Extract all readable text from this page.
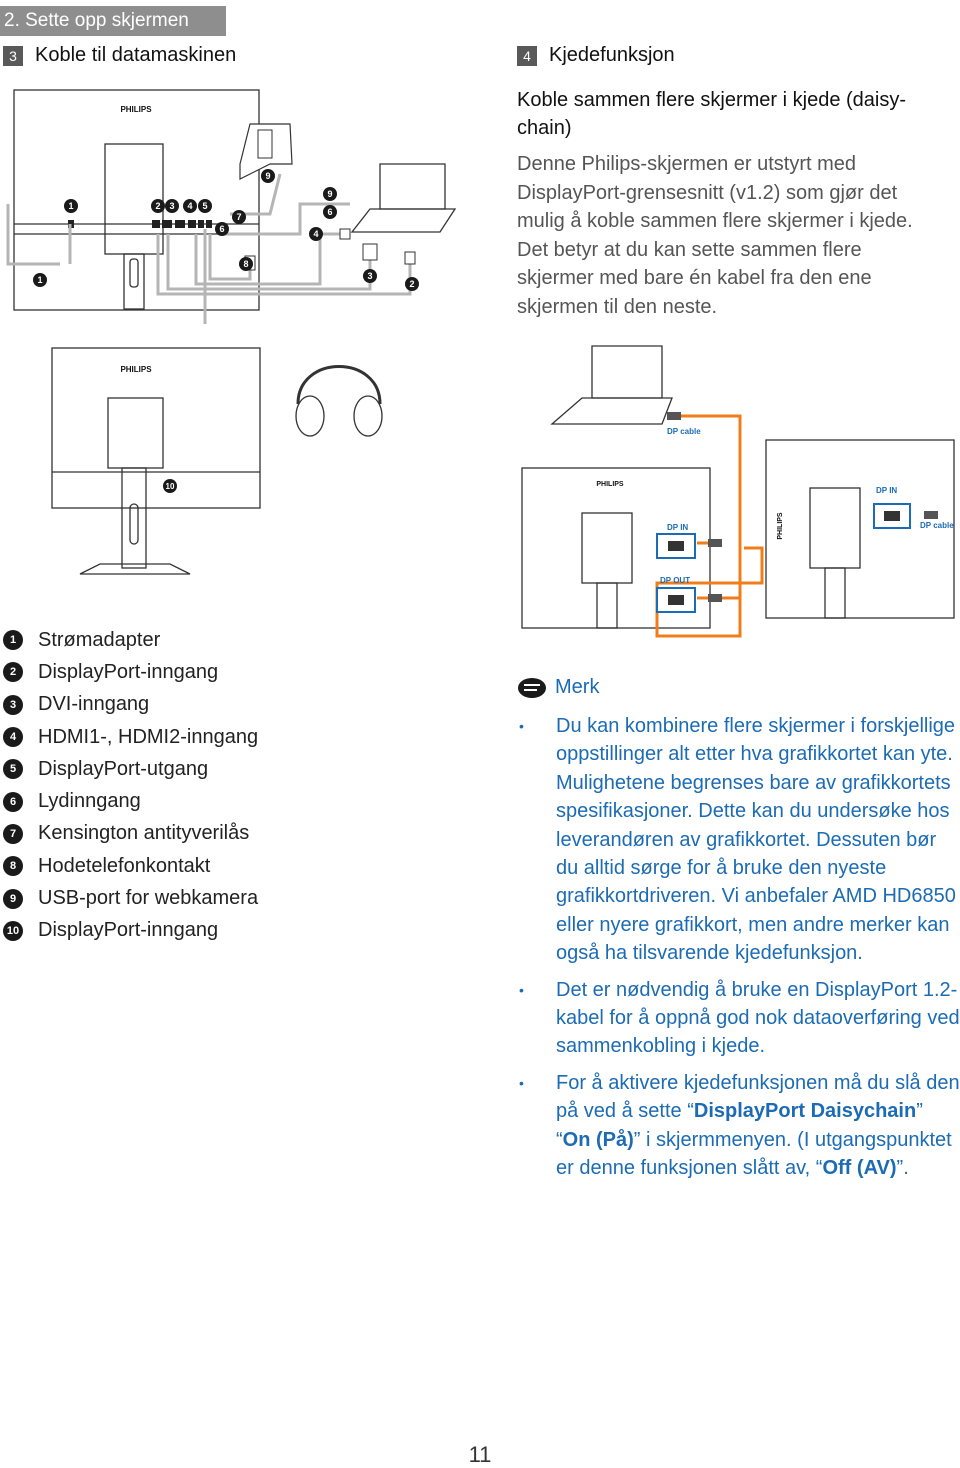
2. Sette opp skjermen
3 Koble til datamaskinen	4 Kjedefunksjon
Koble sammen flere skjermer i kjede (daisy-chain)
Denne Philips-skjermen er utstyrt med DisplayPort-grensesnitt (v1.2) som gjør det mulig å koble sammen flere skjermer i kjede. Det betyr at du kan sette sammen flere skjermer med bare én kabel fra den ene skjermen til den neste.
PHILIPS
1
1
2 3 4 5
6
7
8
9
9
6
4
3
2
PHILIPS
10	PHILIPS
PHILIPS
DP cable
DP IN
DP OUT
DP IN
DP cable
1	Strømadapter
2	DisplayPort-inngang
3	DVI-inngang
4	HDMI1-, HDMI2-inngang
5	DisplayPort-utgang
6	Lydinngang
7	Kensington antityverilås
8	Hodetelefonkontakt
9	USB-port for webkamera
10 DisplayPort-inngang
Merk
•	Du kan kombinere flere skjermer i forskjellige oppstillinger alt etter hva grafikkortet kan yte. Mulighetene begrenses bare av grafikkortets spesifikasjoner. Dette kan du undersøke hos leverandøren av grafikkortet. Dessuten bør du alltid sørge for å bruke den nyeste grafikkortdriveren. Vi anbefaler AMD HD6850 eller nyere grafikkort, men andre merker kan også ha tilsvarende kjedefunksjon.
•	Det er nødvendig å bruke en DisplayPort 1.2-kabel for å oppnå god nok dataoverføring ved sammenkobling i kjede.
•	For å aktivere kjedefunksjonen må du slå den på ved å sette “DisplayPort Daisychain” “On (På)” i skjermmenyen. (I utgangspunktet er denne funksjonen slått av, “Off (AV)”.
11
